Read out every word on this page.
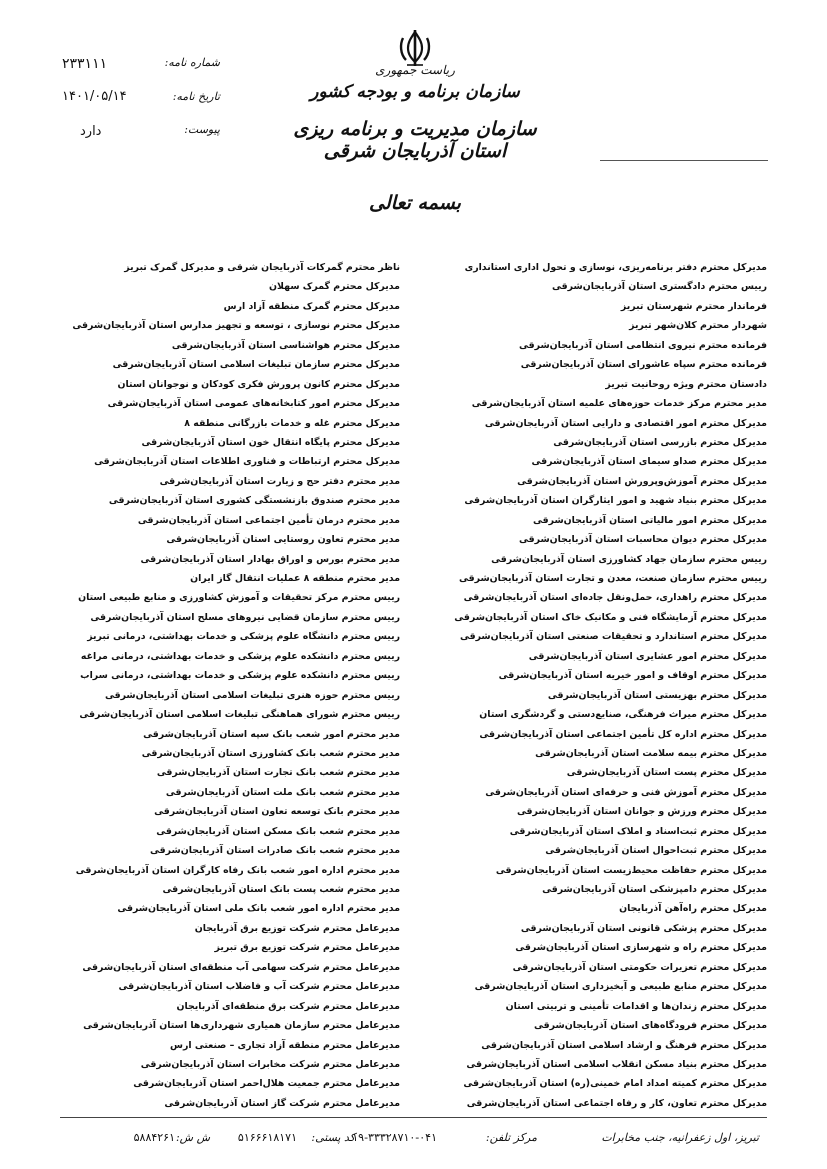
ریاست جمهوری
سازمان برنامه و بودجه کشور
سازمان مدیریت و برنامه ریزی استان آذربایجان شرقی
شماره نامه:
تاریخ نامه:
پیوست:
۲۳۳۱۱۱
۱۴۰۱/۰۵/۱۴
دارد
بسمه تعالی
مدیرکل محترم دفتر برنامه‌ریزی، نوسازی و تحول اداری استانداری
رییس محترم دادگستری استان آذربایجان‌شرقی
فرماندار محترم شهرستان تبریز
شهردار محترم کلان‌شهر تبریز
فرمانده محترم نیروی انتظامی استان آذربایجان‌شرقی
فرمانده محترم سپاه عاشورای استان آذربایجان‌شرقی
دادستان محترم ویژه روحانیت تبریز
مدیر محترم مرکز خدمات حوزه‌های علمیه استان آذربایجان‌شرقی
مدیرکل محترم امور اقتصادی و دارایی استان آذربایجان‌شرقی
مدیرکل محترم بازرسی استان آذربایجان‌شرقی
مدیرکل محترم صداو سیمای استان آذربایجان‌شرقی
مدیرکل محترم آموزش‌وپرورش استان آذربایجان‌شرقی
مدیرکل محترم بنیاد شهید و امور ایثارگران استان آذربایجان‌شرقی
مدیرکل محترم امور مالیاتی استان آذربایجان‌شرقی
مدیرکل محترم دیوان محاسبات استان آذربایجان‌شرقی
رییس محترم سازمان جهاد کشاورزی استان آذربایجان‌شرقی
رییس محترم سازمان صنعت، معدن و تجارت استان آذربایجان‌شرقی
مدیرکل محترم راهداری، حمل‌ونقل جاده‌ای استان آذربایجان‌شرقی
مدیرکل محترم آزمایشگاه فنی و مکانیک خاک استان آذربایجان‌شرقی
مدیرکل محترم استاندارد و تحقیقات صنعتی استان آذربایجان‌شرقی
مدیرکل محترم امور عشایری استان آذربایجان‌شرقی
مدیرکل محترم اوقاف و امور خیریه استان آذربایجان‌شرقی
مدیرکل محترم بهزیستی استان آذربایجان‌شرقی
مدیرکل محترم میراث فرهنگی، صنایع‌دستی و گردشگری استان
مدیرکل محترم اداره کل تأمین اجتماعی استان آذربایجان‌شرقی
مدیرکل محترم بیمه سلامت استان آذربایجان‌شرقی
مدیرکل محترم پست استان آذربایجان‌شرقی
مدیرکل محترم آموزش فنی و حرفه‌ای استان آذربایجان‌شرقی
مدیرکل محترم ورزش و جوانان استان آذربایجان‌شرقی
مدیرکل محترم ثبت‌اسناد و املاک استان آذربایجان‌شرقی
مدیرکل محترم ثبت‌احوال استان آذربایجان‌شرقی
مدیرکل محترم حفاظت محیط‌زیست استان آذربایجان‌شرقی
مدیرکل محترم دامپزشکی استان آذربایجان‌شرقی
مدیرکل محترم راه‌آهن آذربایجان
مدیرکل محترم پزشکی قانونی استان آذربایجان‌شرقی
مدیرکل محترم راه و شهرسازی استان آذربایجان‌شرقی
مدیرکل محترم تعزیرات حکومتی استان آذربایجان‌شرقی
مدیرکل محترم منابع طبیعی و آبخیزداری استان آذربایجان‌شرقی
مدیرکل محترم زندان‌ها و اقدامات تأمینی و تربیتی استان
مدیرکل محترم فرودگاه‌های استان آذربایجان‌شرقی
مدیرکل محترم فرهنگ و ارشاد اسلامی استان آذربایجان‌شرقی
مدیرکل محترم بنیاد مسکن انقلاب اسلامی استان آذربایجان‌شرقی
مدیرکل محترم کمیته امداد امام خمینی(ره) استان آذربایجان‌شرقی
مدیرکل محترم تعاون، کار و رفاه اجتماعی استان آذربایجان‌شرقی
ناظر محترم گمرکات آذربایجان شرقی و مدیرکل گمرک تبریز
مدیرکل محترم گمرک سهلان
مدیرکل محترم گمرک منطقه آزاد ارس
مدیرکل محترم نوسازی ، توسعه و تجهیز مدارس استان آذربایجان‌شرقی
مدیرکل محترم هواشناسی استان آذربایجان‌شرقی
مدیرکل محترم سازمان تبلیغات اسلامی استان آذربایجان‌شرقی
مدیرکل محترم کانون پرورش فکری کودکان و نوجوانان استان
مدیرکل محترم امور کتابخانه‌های عمومی استان آذربایجان‌شرقی
مدیرکل محترم غله و خدمات بازرگانی منطقه ۸
مدیرکل محترم پایگاه انتقال خون استان آذربایجان‌شرقی
مدیرکل محترم ارتباطات و فناوری اطلاعات استان آذربایجان‌شرقی
مدیر محترم دفتر حج و زیارت استان آذربایجان‌شرقی
مدیر محترم صندوق بازنشستگی کشوری استان آذربایجان‌شرقی
مدیر محترم درمان تأمین اجتماعی استان آذربایجان‌شرقی
مدیر محترم تعاون روستایی استان آذربایجان‌شرقی
مدیر محترم بورس و اوراق بهادار استان آذربایجان‌شرقی
مدیر محترم منطقه ۸ عملیات انتقال گاز ایران
رییس محترم مرکز تحقیقات و آموزش کشاورزی و منابع طبیعی استان
رییس محترم سازمان قضایی نیروهای مسلح استان آذربایجان‌شرقی
رییس محترم دانشگاه علوم پزشکی و خدمات بهداشتی، درمانی تبریز
رییس محترم دانشکده علوم پزشکی و خدمات بهداشتی، درمانی مراغه
رییس محترم دانشکده علوم پزشکی و خدمات بهداشتی، درمانی سراب
رییس محترم حوزه هنری تبلیغات اسلامی استان آذربایجان‌شرقی
رییس محترم شورای هماهنگی تبلیغات اسلامی استان آذربایجان‌شرقی
مدیر محترم امور شعب بانک سپه استان آذربایجان‌شرقی
مدیر محترم شعب بانک کشاورزی استان آذربایجان‌شرقی
مدیر محترم شعب بانک تجارت استان آذربایجان‌شرقی
مدیر محترم شعب بانک ملت استان آذربایجان‌شرقی
مدیر محترم بانک توسعه تعاون استان آذربایجان‌شرقی
مدیر محترم شعب بانک مسکن استان آذربایجان‌شرقی
مدیر محترم شعب بانک صادرات استان آذربایجان‌شرقی
مدیر محترم اداره امور شعب بانک رفاه کارگران استان آذربایجان‌شرقی
مدیر محترم شعب پست بانک استان آذربایجان‌شرقی
مدیر محترم اداره امور شعب بانک ملی استان آذربایجان‌شرقی
مدیرعامل محترم شرکت توزیع برق آذربایجان
مدیرعامل محترم شرکت توزیع برق تبریز
مدیرعامل محترم شرکت سهامی آب منطقه‌ای استان آذربایجان‌شرقی
مدیرعامل محترم شرکت آب و فاضلاب استان آذربایجان‌شرقی
مدیرعامل محترم شرکت برق منطقه‌ای آذربایجان
مدیرعامل محترم سازمان همیاری شهرداری‌ها استان آذربایجان‌شرقی
مدیرعامل محترم منطقه آزاد تجاری – صنعتی ارس
مدیرعامل محترم شرکت مخابرات استان آذربایجان‌شرقی
مدیرعامل محترم جمعیت هلال‌احمر استان آذربایجان‌شرقی
مدیرعامل محترم شرکت گاز استان آذربایجان‌شرقی
تبریز، اول زعفرانیه، جنب مخابرات
مرکز تلفن:
۱۹-۳۳۳۲۸۷۱۰-۰۴۱
کد پستی:
۵۱۶۶۶۱۸۱۷۱
ش ش:
۵۸۸۴۲۶۱
